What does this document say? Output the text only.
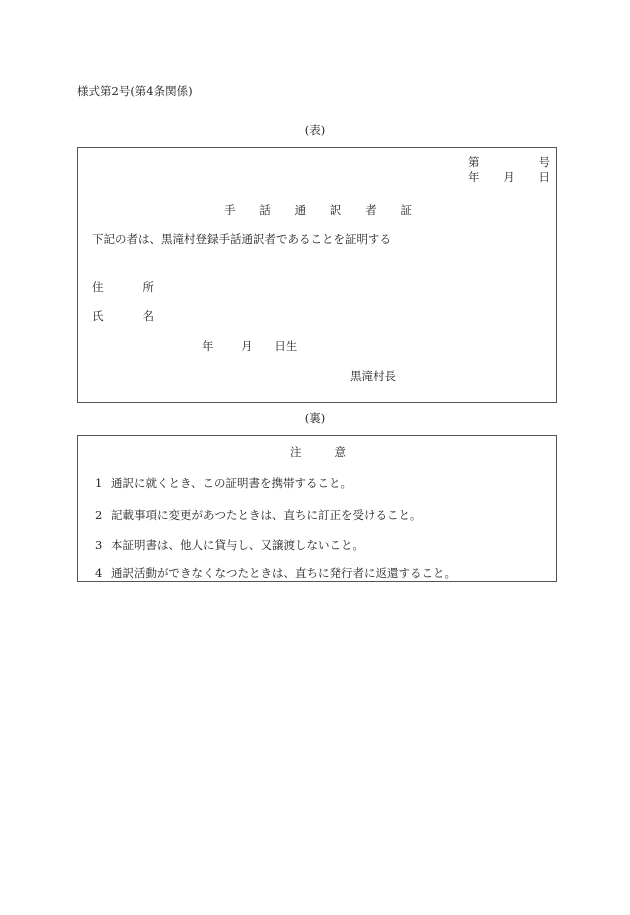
様式第2号(第4条関係)
(表)
第	号
年 月 日
手 話 通 訳 者 証
下記の者は、黒滝村登録手話通訳者であることを証明する
住	所
氏	名
年 月 日生
黒滝村長
(裏)
注	意
1 通訳に就くとき、この証明書を携帯すること。
2 記載事項に変更があつたときは、直ちに訂正を受けること。
3 本証明書は、他人に貸与し、又譲渡しないこと。
4 通訳活動ができなくなつたときは、直ちに発行者に返還すること。
